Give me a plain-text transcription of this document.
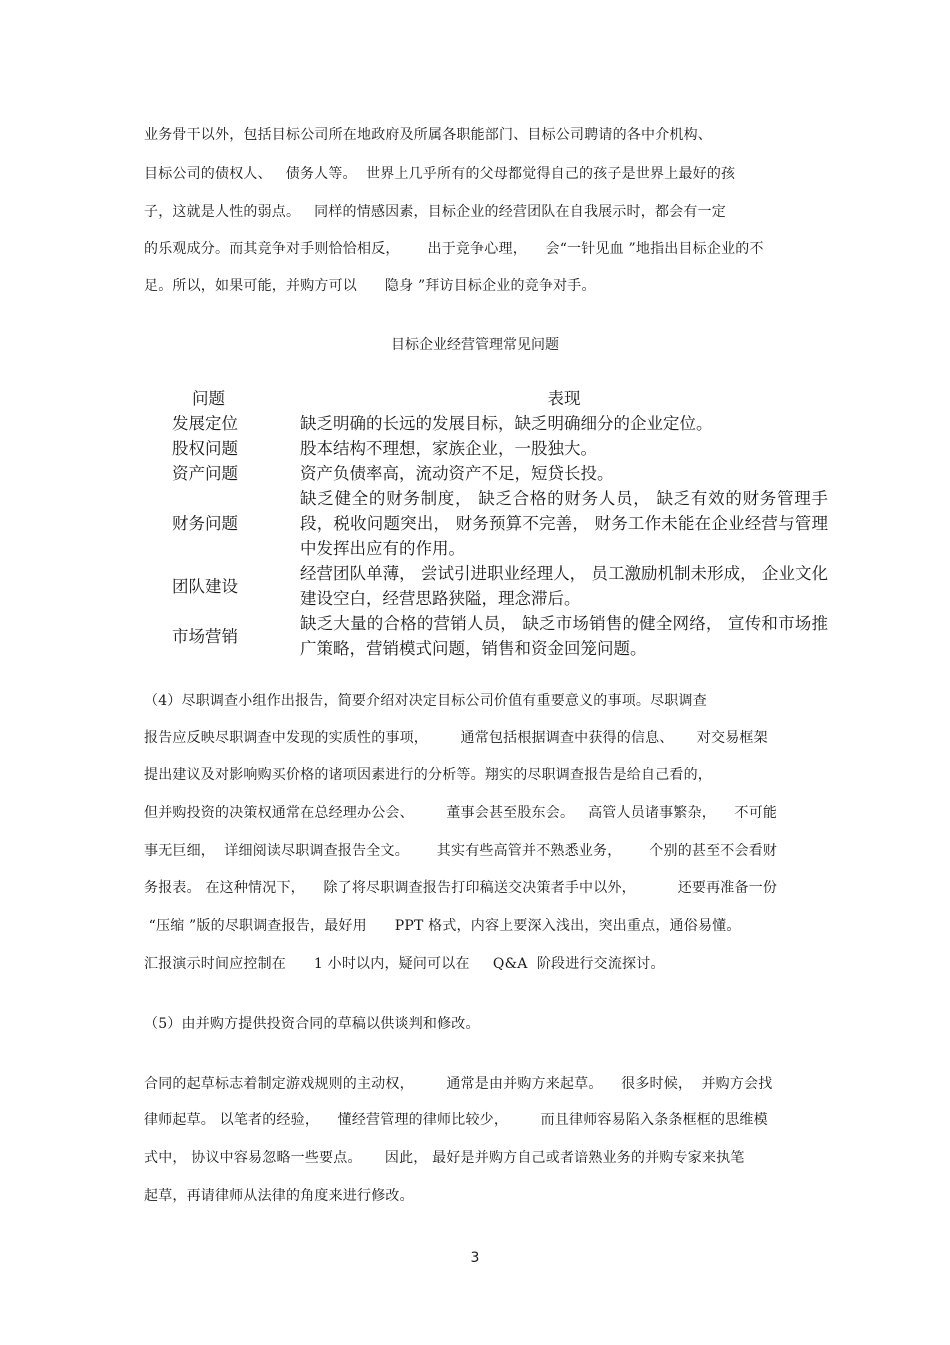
业务骨干以外，包括目标公司所在地政府及所属各职能部门、目标公司聘请的各中介机构、
目标公司的债权人、   债务人等。  世界上几乎所有的父母都觉得自己的孩子是世界上最好的孩
子，这就是人性的弱点。   同样的情感因素，目标企业的经营团队在自我展示时，都会有一定
的乐观成分。而其竞争对手则恰恰相反，      出于竞争心理，    会“一针见血 ”地指出目标企业的不
足。所以，如果可能，并购方可以      隐身 ”拜访目标企业的竞争对手。
目标企业经营管理常见问题
问题	表现
发展定位	缺乏明确的长远的发展目标，缺乏明确细分的企业定位。
股权问题	股本结构不理想，家族企业，一股独大。
资产问题	资产负债率高，流动资产不足，短贷长投。
财务问题	缺乏健全的财务制度， 缺乏合格的财务人员， 缺乏有效的财务管理手段，税收问题突出， 财务预算不完善， 财务工作未能在企业经营与管理中发挥出应有的作用。
团队建设	经营团队单薄， 尝试引进职业经理人， 员工激励机制未形成， 企业文化建设空白，经营思路狭隘，理念滞后。
市场营销	缺乏大量的合格的营销人员， 缺乏市场销售的健全网络， 宣传和市场推广策略，营销模式问题，销售和资金回笼问题。
（4）尽职调查小组作出报告，简要介绍对决定目标公司价值有重要意义的事项。尽职调查
报告应反映尽职调查中发现的实质性的事项，       通常包括根据调查中获得的信息、     对交易框架
提出建议及对影响购买价格的诸项因素进行的分析等。翔实的尽职调查报告是给自己看的，
但并购投资的决策权通常在总经理办公会、       董事会甚至股东会。   高管人员诸事繁杂，    不可能
事无巨细，  详细阅读尽职调查报告全文。      其实有些高管并不熟悉业务，      个别的甚至不会看财
务报表。 在这种情况下，    除了将尽职调查报告打印稿送交决策者手中以外，         还要再准备一份
“压缩 ”版的尽职调查报告，最好用      PPT 格式，内容上要深入浅出，突出重点，通俗易懂。
汇报演示时间应控制在      1 小时以内，疑问可以在     Q&A  阶段进行交流探讨。
（5）由并购方提供投资合同的草稿以供谈判和修改。
合同的起草标志着制定游戏规则的主动权，       通常是由并购方来起草。    很多时候，  并购方会找
律师起草。 以笔者的经验，    懂经营管理的律师比较少，       而且律师容易陷入条条框框的思维模
式中， 协议中容易忽略一些要点。     因此， 最好是并购方自己或者谙熟业务的并购专家来执笔
起草，再请律师从法律的角度来进行修改。
3
